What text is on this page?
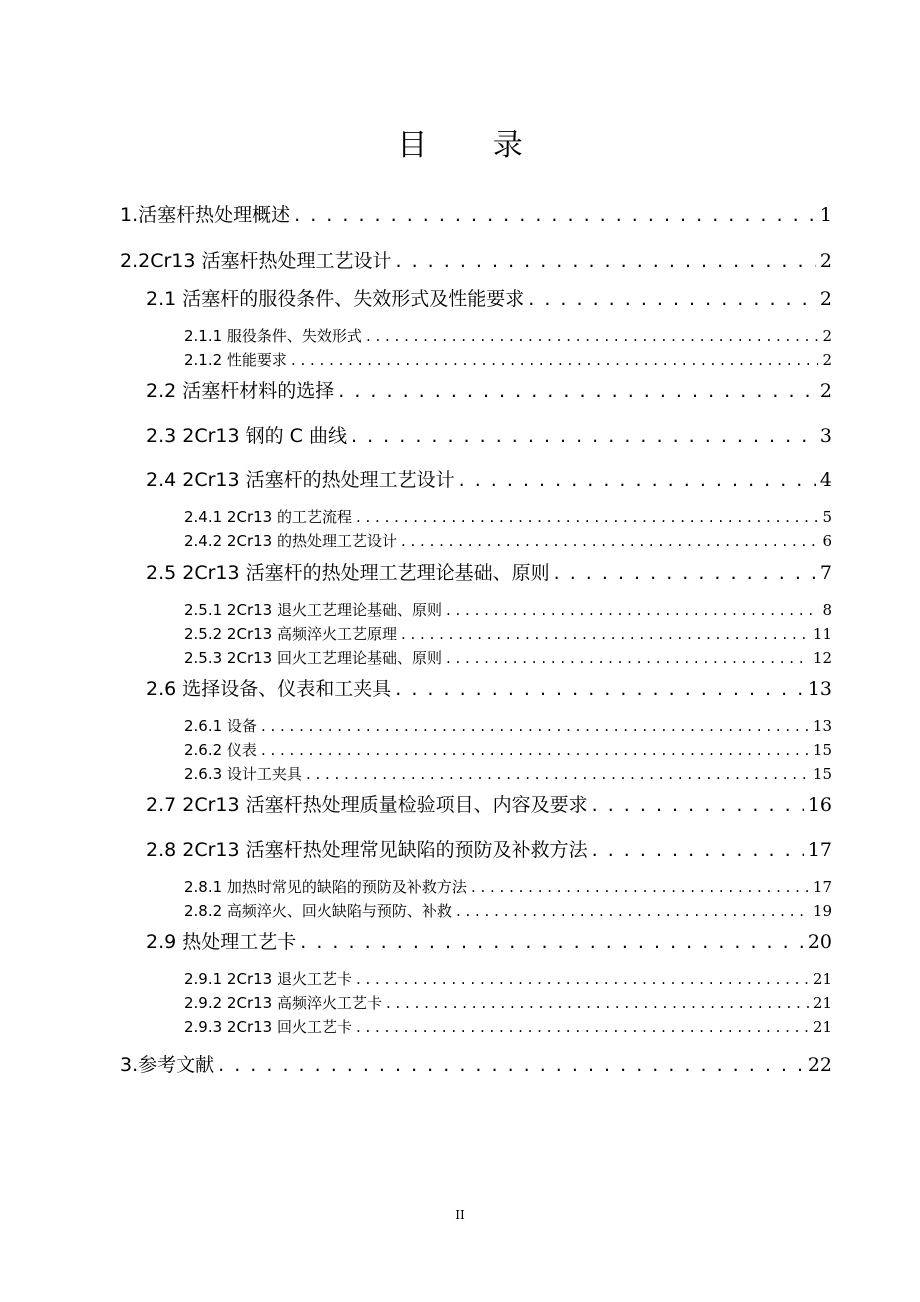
目 录
1.活塞杆热处理概述 . . .	1
2.2Cr13 活塞杆热处理工艺设计 . . .	2
2.1 活塞杆的服役条件、失效形式及性能要求 . . .	2
2.1.1 服役条件、失效形式 . . .	2
2.1.2 性能要求 . . .	2
2.2 活塞杆材料的选择 . . .	2
2.3 2Cr13 钢的 C 曲线 . . .	3
2.4 2Cr13 活塞杆的热处理工艺设计 . . .	4
2.4.1 2Cr13 的工艺流程 . . .	5
2.4.2 2Cr13 的热处理工艺设计 . . .	6
2.5 2Cr13 活塞杆的热处理工艺理论基础、原则 . . .	7
2.5.1 2Cr13 退火工艺理论基础、原则 . . .	8
2.5.2 2Cr13 高频淬火工艺原理 . . .	11
2.5.3 2Cr13 回火工艺理论基础、原则 . . .	12
2.6 选择设备、仪表和工夹具 . . .	13
2.6.1 设备 . . .	13
2.6.2 仪表 . . .	15
2.6.3 设计工夹具 . . .	15
2.7 2Cr13 活塞杆热处理质量检验项目、内容及要求 . . .	16
2.8 2Cr13 活塞杆热处理常见缺陷的预防及补救方法 . . .	17
2.8.1 加热时常见的缺陷的预防及补救方法 . . .	17
2.8.2 高频淬火、回火缺陷与预防、补救 . . .	19
2.9 热处理工艺卡 . . .	20
2.9.1 2Cr13 退火工艺卡 . . .	21
2.9.2 2Cr13 高频淬火工艺卡 . . .	21
2.9.3 2Cr13 回火工艺卡 . . .	21
3.参考文献 . . .	22
II
